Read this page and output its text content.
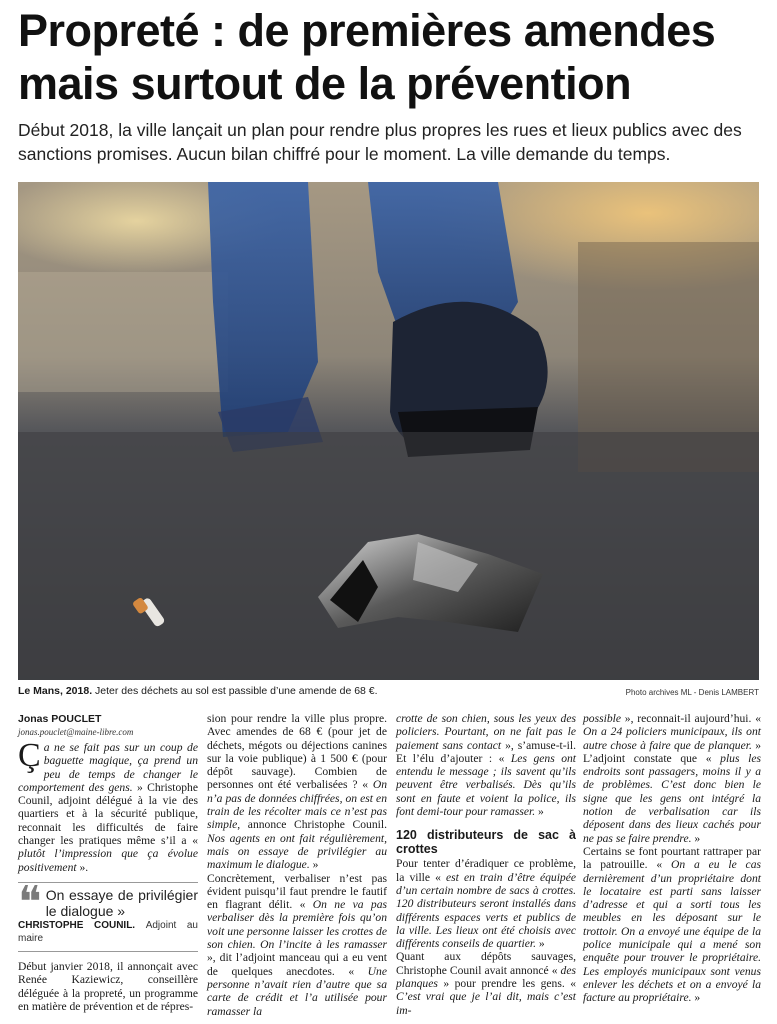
Propreté : de premières amendes mais surtout de la prévention

Début 2018, la ville lançait un plan pour rendre plus propres les rues et lieux publics avec des sanctions promises. Aucun bilan chiffré pour le moment. La ville demande du temps.

Le Mans, 2018. Jeter des déchets au sol est passible d’une amende de 68 €.	Photo archives ML - Denis LAMBERT

Jonas POUCLET

jonas.pouclet@maine-libre.com

Ça ne se fait pas sur un coup de baguette magique, ça prend un peu de temps de changer le comportement des gens. » Christophe Counil, adjoint délégué à la vie des quartiers et à la sécurité publique, reconnait les difficultés de faire changer les pratiques même s’il a « plutôt l’impression que ça évolue positivement ».

❝ On essaye de privilégier le dialogue »

CHRISTOPHE COUNIL. Adjoint au maire

Début janvier 2018, il annonçait avec Renée Kaziewicz, conseillère déléguée à la propreté, un programme en matière de prévention et de répres-

sion pour rendre la ville plus propre. Avec amendes de 68 € (pour jet de déchets, mégots ou déjections canines sur la voie publique) à 1 500 € (pour dépôt sauvage). Combien de personnes ont été verbalisées ? « On n’a pas de données chiffrées, on est en train de les récolter mais ce n’est pas simple, annonce Christophe Counil. Nos agents en ont fait régulièrement, mais on essaye de privilégier au maximum le dialogue. »

Concrètement, verbaliser n’est pas évident puisqu’il faut prendre le fautif en flagrant délit. « On ne va pas verbaliser dès la première fois qu’on voit une personne laisser les crottes de son chien. On l’incite à les ramasser », dit l’adjoint manceau qui a eu vent de quelques anecdotes. « Une personne n’avait rien d’autre que sa carte de crédit et l’a utilisée pour ramasser la

crotte de son chien, sous les yeux des policiers. Pourtant, on ne fait pas le paiement sans contact », s’amuse-t-il. Et l’élu d’ajouter : « Les gens ont entendu le message ; ils savent qu’ils peuvent être verbalisés. Dès qu’ils sont en faute et voient la police, ils font demi-tour pour ramasser. »

120 distributeurs de sac à crottes

Pour tenter d’éradiquer ce problème, la ville « est en train d’être équipée d’un certain nombre de sacs à crottes. 120 distributeurs seront installés dans différents espaces verts et publics de la ville. Les lieux ont été choisis avec différents conseils de quartier. »

Quant aux dépôts sauvages, Christophe Counil avait annoncé « des planques » pour prendre les gens. « C’est vrai que je l’ai dit, mais c’est im-

possible », reconnait-il aujourd’hui. « On a 24 policiers municipaux, ils ont autre chose à faire que de planquer. » L’adjoint constate que « plus les endroits sont passagers, moins il y a de problèmes. C’est donc bien le signe que les gens ont intégré la notion de verbalisation car ils déposent dans des lieux cachés pour ne pas se faire prendre. »

Certains se font pourtant rattraper par la patrouille. « On a eu le cas dernièrement d’un propriétaire dont le locataire est parti sans laisser d’adresse et qui a sorti tous les meubles en les déposant sur le trottoir. On a envoyé une équipe de la police municipale qui a mené son enquête pour trouver le propriétaire. Les employés municipaux sont venus enlever les déchets et on a envoyé la facture au propriétaire. »
